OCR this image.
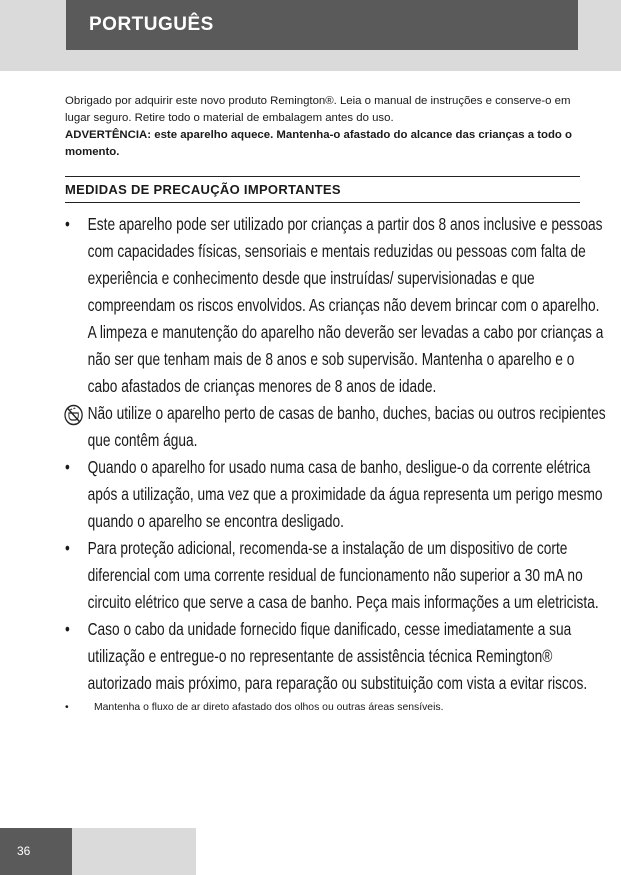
PORTUGUÊS

Obrigado por adquirir este novo produto Remington®. Leia o manual de instruções e conserve-o em lugar seguro. Retire todo o material de embalagem antes do uso.

ADVERTÊNCIA: este aparelho aquece. Mantenha-o afastado do alcance das crianças a todo o momento.

MEDIDAS DE PRECAUÇÃO IMPORTANTES
•	Este aparelho pode ser utilizado por crianças a partir dos 8 anos inclusive e pessoas com capacidades físicas, sensoriais e mentais reduzidas ou pessoas com falta de experiência e conhecimento desde que instruídas/ supervisionadas e que compreendam os riscos envolvidos. As crianças não devem brincar com o aparelho. A limpeza e manutenção do aparelho não deverão ser levadas a cabo por crianças a não ser que tenham mais de 8 anos e sob supervisão. Mantenha o aparelho e o cabo afastados de crianças menores de 8 anos de idade.
Não utilize o aparelho perto de casas de banho, duches, bacias ou outros recipientes que contêm água.
•	Quando o aparelho for usado numa casa de banho, desligue-o da corrente elétrica após a utilização, uma vez que a proximidade da água representa um perigo mesmo quando o aparelho se encontra desligado.
•	Para proteção adicional, recomenda-se a instalação de um dispositivo de corte diferencial com uma corrente residual de funcionamento não superior a 30 mA no circuito elétrico que serve a casa de banho. Peça mais informações a um eletricista.
•	Caso o cabo da unidade fornecido fique danificado, cesse imediatamente a sua utilização e entregue-o no representante de assistência técnica Remington® autorizado mais próximo, para reparação ou substituição com vista a evitar riscos.
•	Mantenha o fluxo de ar direto afastado dos olhos ou outras áreas sensíveis.
36
